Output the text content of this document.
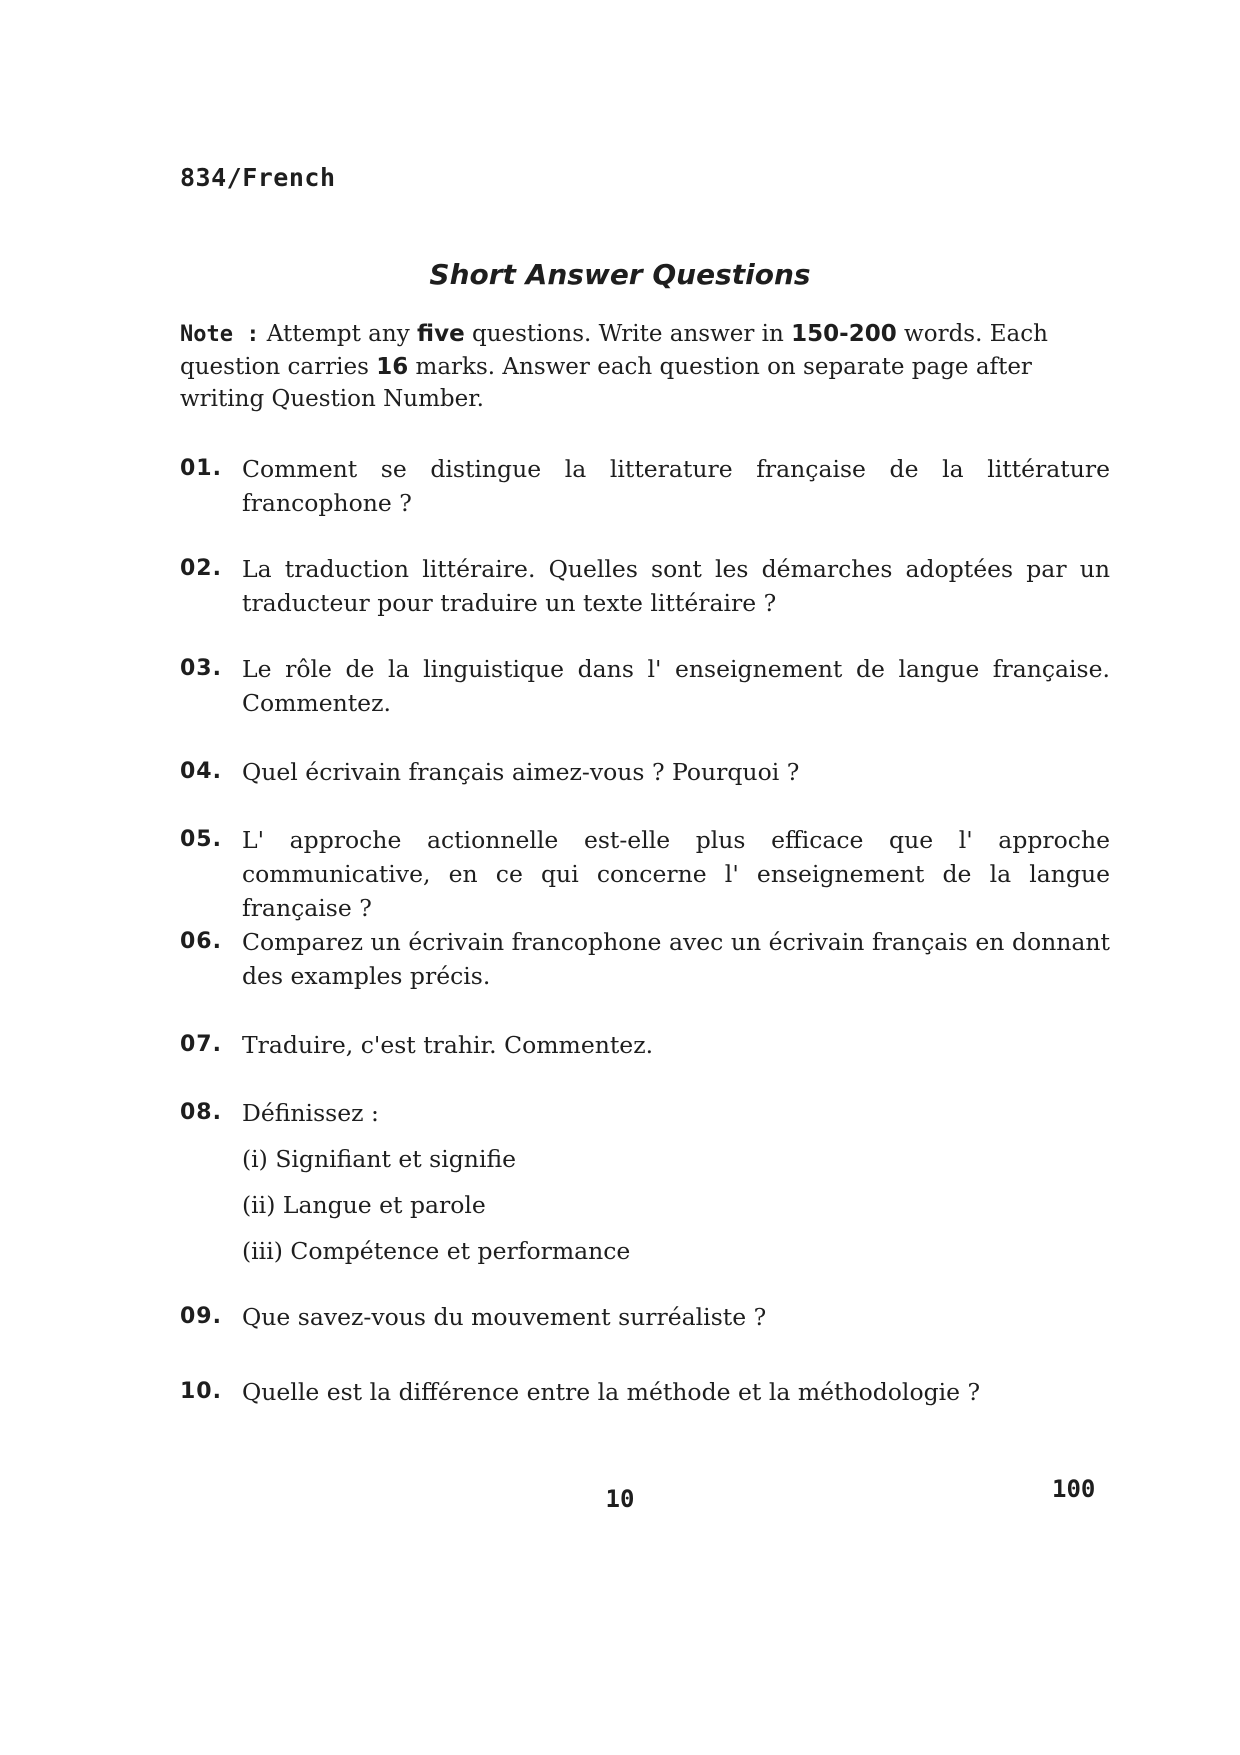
834/French
Short Answer Questions
Note : Attempt any five questions. Write answer in 150-200 words. Each question carries 16 marks. Answer each question on separate page after writing Question Number.
01. Comment se distingue la litterature française de la littérature francophone ?
02. La traduction littéraire. Quelles sont les démarches adoptées par un traducteur pour traduire un texte littéraire ?
03. Le rôle de la linguistique dans l' enseignement de langue française. Commentez.
04. Quel écrivain français aimez-vous ? Pourquoi ?
05. L' approche actionnelle est-elle plus efficace que l' approche communicative, en ce qui concerne l' enseignement de la langue française ?
06. Comparez un écrivain francophone avec un écrivain français en donnant des examples précis.
07. Traduire, c'est trahir. Commentez.
08. Définissez :
(i) Signifiant et signifie
(ii) Langue et parole
(iii) Compétence et performance
09. Que savez-vous du mouvement surréaliste ?
10. Quelle est la différence entre la méthode et la méthodologie ?
10	100
